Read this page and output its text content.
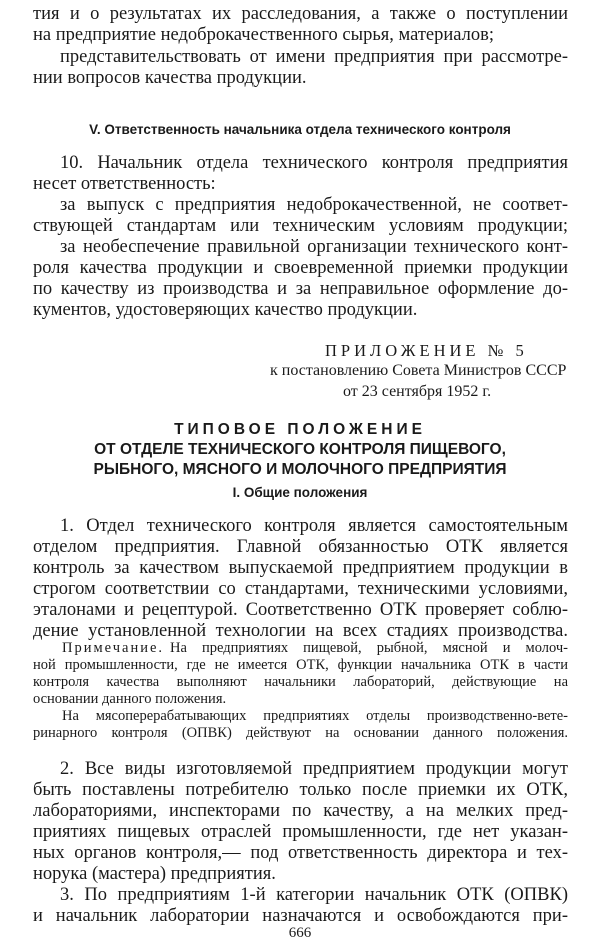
тия и о результатах их расследования, а также о поступлении
на предприятие недоброкачественного сырья, материалов;
представительствовать от имени предприятия при рассмотре-
нии вопросов качества продукции.
V. Ответственность начальника отдела технического контроля
10. Начальник отдела технического контроля предприятия
несет ответственность:
за выпуск с предприятия недоброкачественной, не соответ-
ствующей стандартам или техническим условиям продукции;
за необеспечение правильной организации технического конт-
роля качества продукции и своевременной приемки продукции
по качеству из производства и за неправильное оформление до-
кументов, удостоверяющих качество продукции.
ПРИЛОЖЕНИЕ № 5
к постановлению Совета Министров СССР
от 23 сентября 1952 г.
ТИПОВОЕ ПОЛОЖЕНИЕ
ОТ ОТДЕЛЕ ТЕХНИЧЕСКОГО КОНТРОЛЯ ПИЩЕВОГО,
РЫБНОГО, МЯСНОГО И МОЛОЧНОГО ПРЕДПРИЯТИЯ
I. Общие положения
1. Отдел технического контроля является самостоятельным
отделом предприятия. Главной обязанностью ОТК является
контроль за качеством выпускаемой предприятием продукции в
строгом соответствии со стандартами, техническими условиями,
эталонами и рецептурой. Соответственно ОТК проверяет соблю-
дение установленной технологии на всех стадиях производства.
Примечание. На предприятиях пищевой, рыбной, мясной и молоч-
ной промышленности, где не имеется ОТК, функции начальника ОТК в части
контроля качества выполняют начальники лабораторий, действующие на
основании данного положения.
На мясоперерабатывающих предприятиях отделы производственно-вете-
ринарного контроля (ОПВК) действуют на основании данного положения.
2. Все виды изготовляемой предприятием продукции могут
быть поставлены потребителю только после приемки их ОТК,
лабораториями, инспекторами по качеству, а на мелких пред-
приятиях пищевых отраслей промышленности, где нет указан-
ных органов контроля,— под ответственность директора и тех-
норука (мастера) предприятия.
3. По предприятиям 1-й категории начальник ОТК (ОПВК)
и начальник лаборатории назначаются и освобождаются при-
666
